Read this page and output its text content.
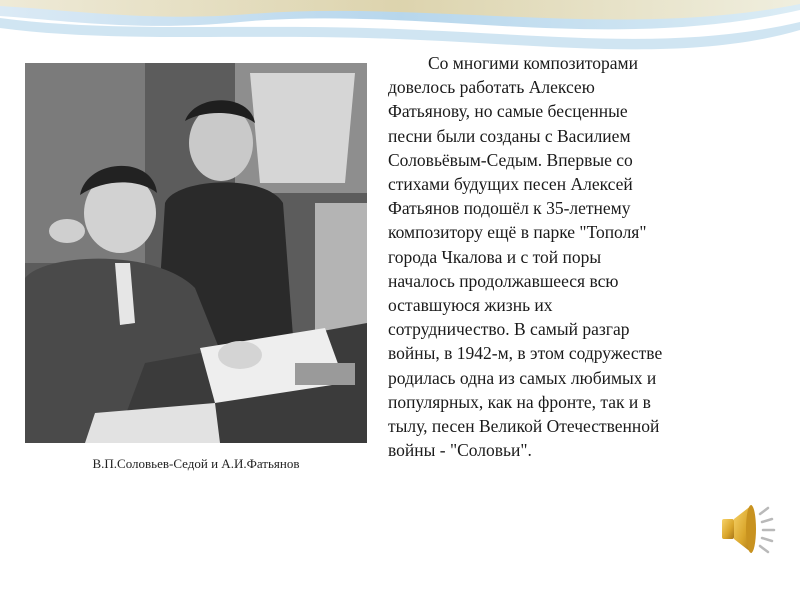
В.П.Соловьев-Седой и А.И.Фатьянов

Со многими композиторами
довелось работать Алексею
Фатьянову, но самые бесценные
песни были созданы с Василием
Соловьёвым-Седым. Впервые со
стихами будущих песен Алексей
Фатьянов подошёл к 35-летнему
композитору ещё в парке "Тополя"
города Чкалова и с той поры
началось продолжавшееся всю
оставшуюся жизнь их
сотрудничество. В самый разгар
войны, в 1942-м, в этом содружестве
родилась одна из самых любимых и
популярных, как на фронте, так и в
тылу, песен Великой Отечественной
войны - "Соловьи".
